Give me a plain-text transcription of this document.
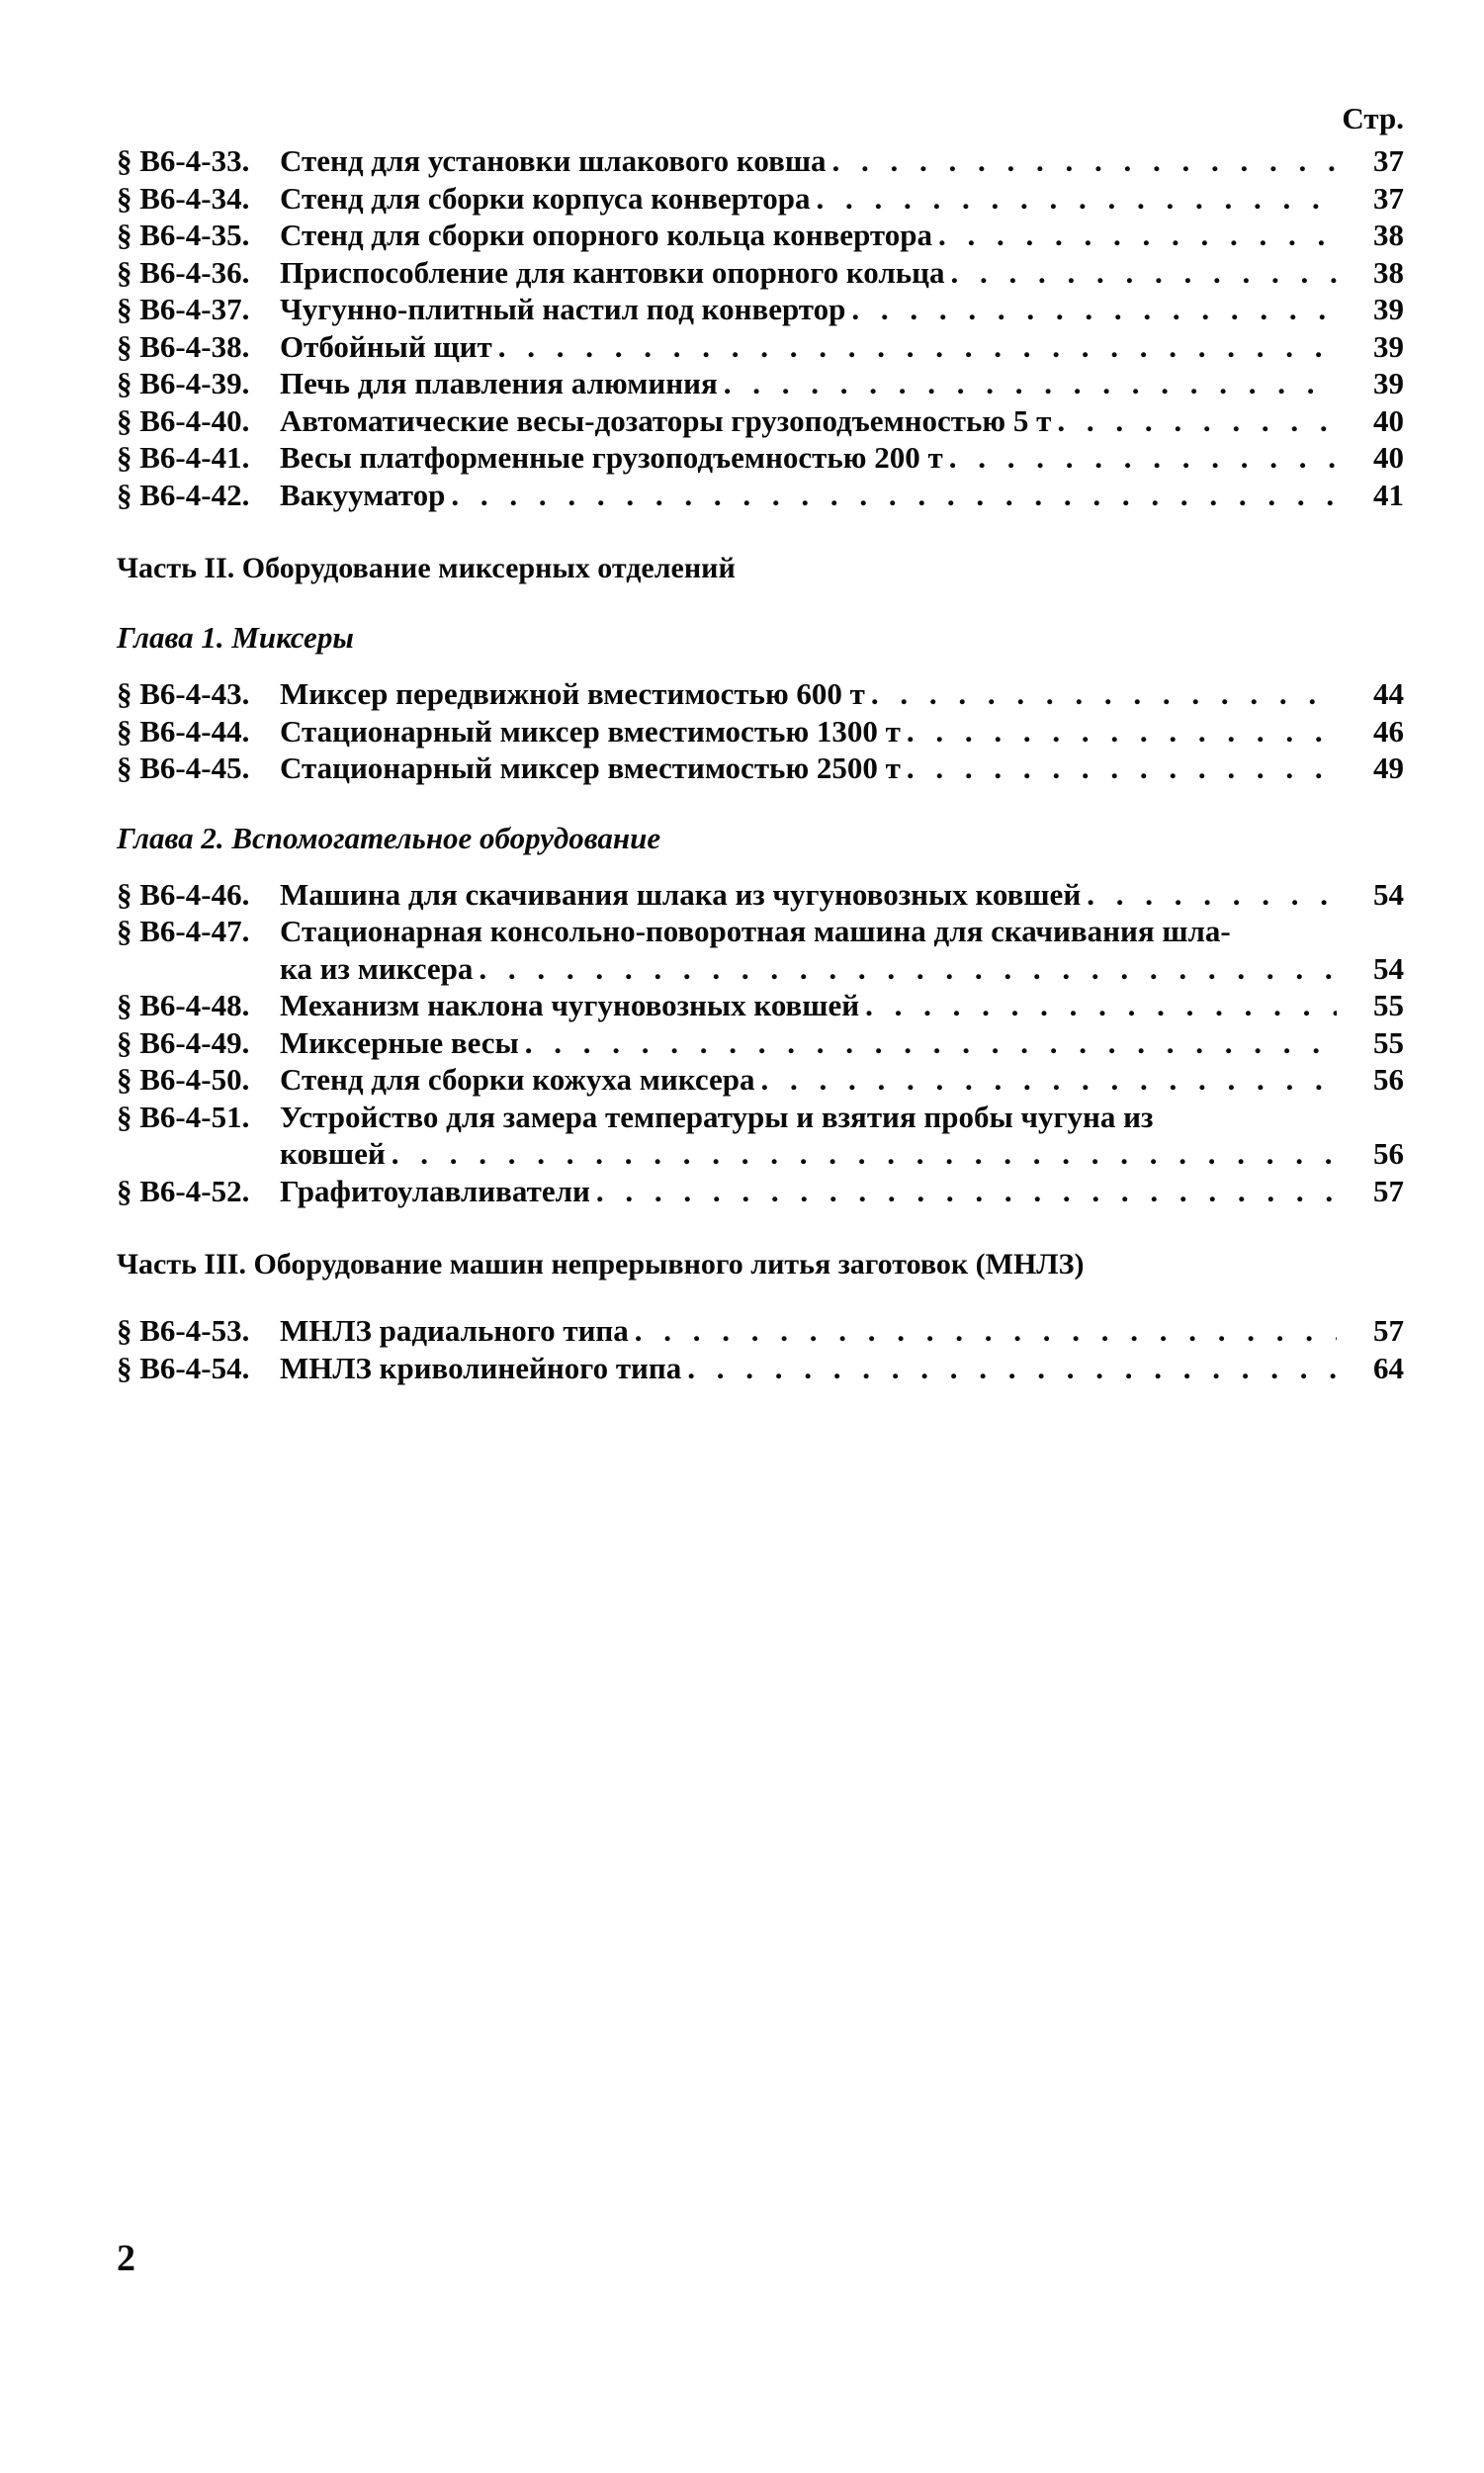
Стр.
§ В6-4-33. Стенд для установки шлакового ковша . . .	37
§ В6-4-34. Стенд для сборки корпуса конвертора . . .	37
§ В6-4-35. Стенд для сборки опорного кольца конвертора . . .	38
§ В6-4-36. Приспособление для кантовки опорного кольца . . .	38
§ В6-4-37. Чугунно-плитный настил под конвертор . . .	39
§ В6-4-38. Отбойный щит . . .	39
§ В6-4-39. Печь для плавления алюминия . . .	39
§ В6-4-40. Автоматические весы-дозаторы грузоподъемностью 5 т . . .	40
§ В6-4-41. Весы платформенные грузоподъемностью 200 т . . .	40
§ В6-4-42. Вакууматор . . .	41
Часть II. Оборудование миксерных отделений
Глава 1. Миксеры
§ В6-4-43. Миксер передвижной вместимостью 600 т . . .	44
§ В6-4-44. Стационарный миксер вместимостью 1300 т . . .	46
§ В6-4-45. Стационарный миксер вместимостью 2500 т . . .	49
Глава 2. Вспомогательное оборудование
§ В6-4-46. Машина для скачивания шлака из чугуновозных ковшей . . .	54
§ В6-4-47. Стационарная консольно-поворотная машина для скачивания шла-
ка из миксера . . .	54
§ В6-4-48. Механизм наклона чугуновозных ковшей . . .	55
§ В6-4-49. Миксерные весы . . .	55
§ В6-4-50. Стенд для сборки кожуха миксера . . .	56
§ В6-4-51. Устройство для замера температуры и взятия пробы чугуна из
ковшей . . .	56
§ В6-4-52. Графитоулавливатели . . .	57
Часть III. Оборудование машин непрерывного литья заготовок (МНЛЗ)
§ В6-4-53. МНЛЗ радиального типа . . .	57
§ В6-4-54. МНЛЗ криволинейного типа . . .	64
2
